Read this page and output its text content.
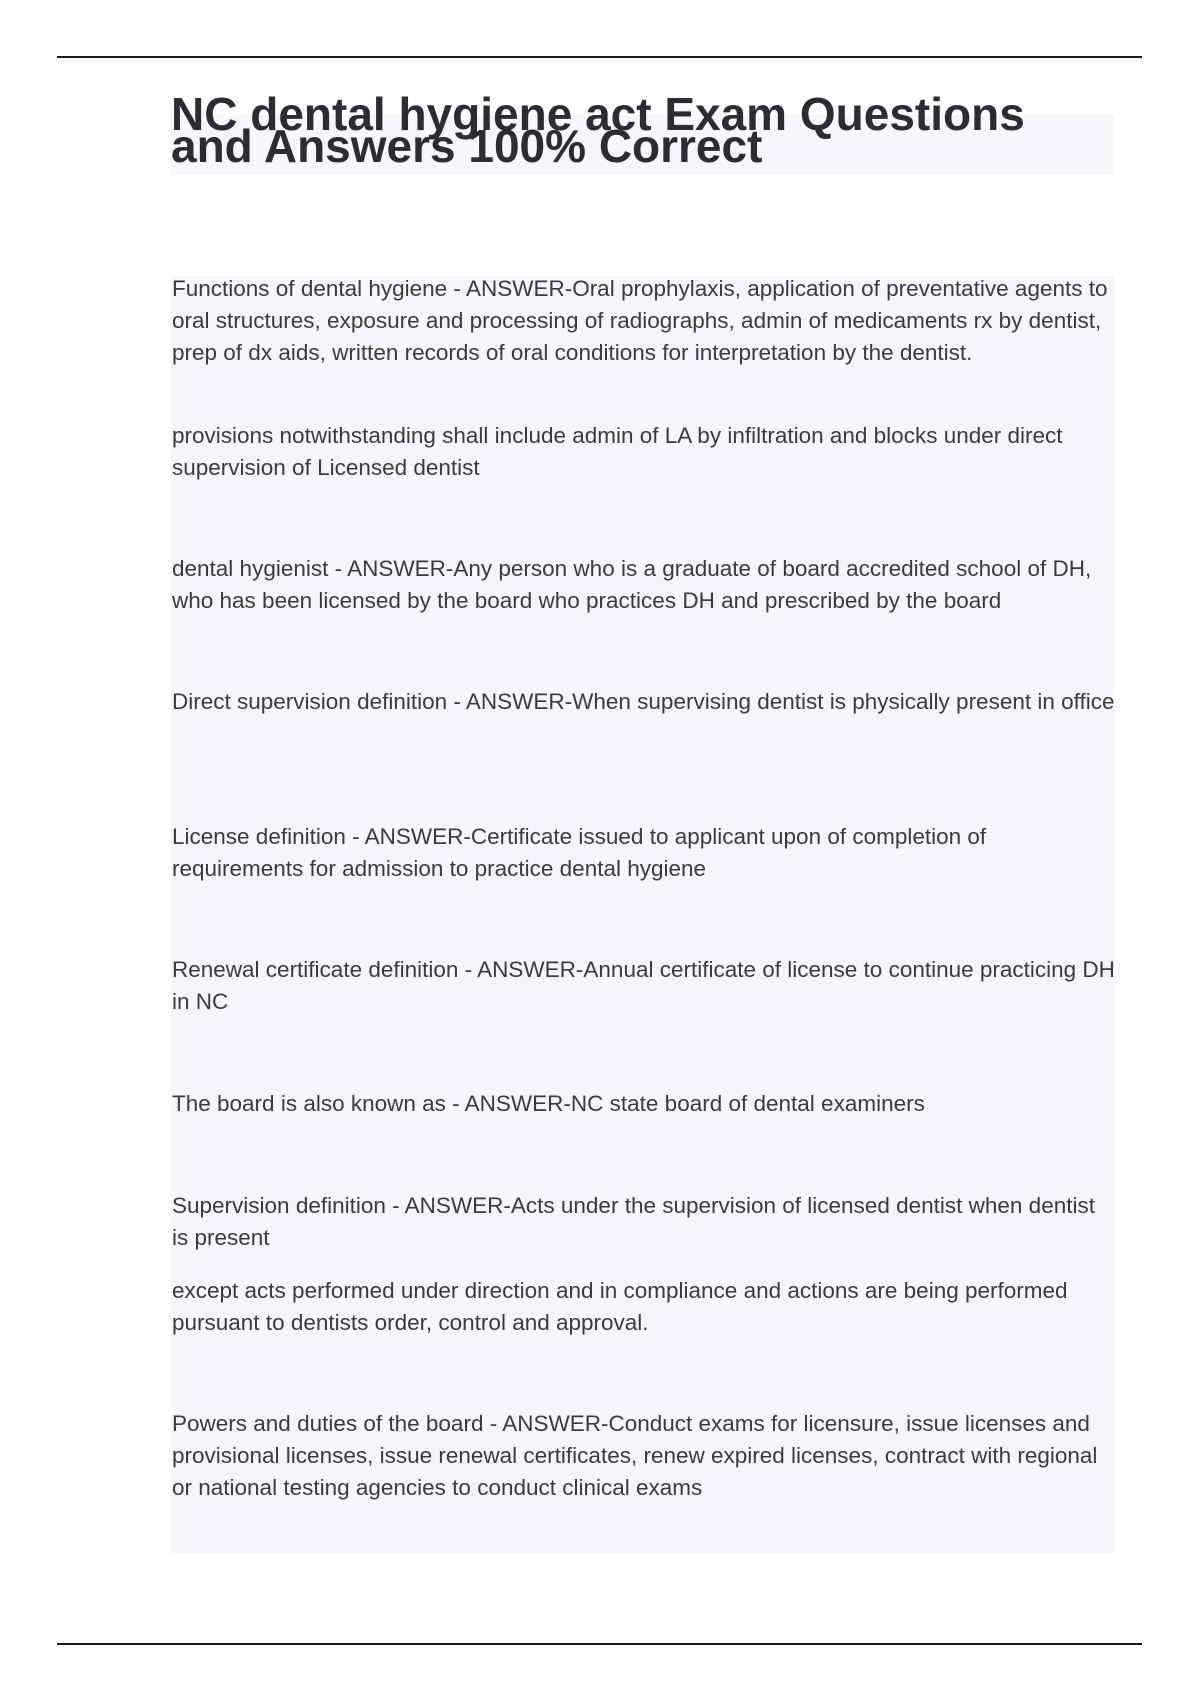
NC dental hygiene act Exam Questions and Answers 100% Correct

Functions of dental hygiene - ANSWER-Oral prophylaxis, application of preventative agents to oral structures, exposure and processing of radiographs, admin of medicaments rx by dentist, prep of dx aids, written records of oral conditions for interpretation by the dentist.

provisions notwithstanding shall include admin of LA by infiltration and blocks under direct supervision of Licensed dentist

dental hygienist - ANSWER-Any person who is a graduate of board accredited school of DH, who has been licensed by the board who practices DH and prescribed by the board

Direct supervision definition - ANSWER-When supervising dentist is physically present in office

License definition - ANSWER-Certificate issued to applicant upon of completion of requirements for admission to practice dental hygiene

Renewal certificate definition - ANSWER-Annual certificate of license to continue practicing DH in NC

The board is also known as - ANSWER-NC state board of dental examiners

Supervision definition - ANSWER-Acts under the supervision of licensed dentist when dentist is present

except acts performed under direction and in compliance and actions are being performed pursuant to dentists order, control and approval.

Powers and duties of the board - ANSWER-Conduct exams for licensure, issue licenses and provisional licenses, issue renewal certificates, renew expired licenses, contract with regional or national testing agencies to conduct clinical exams
